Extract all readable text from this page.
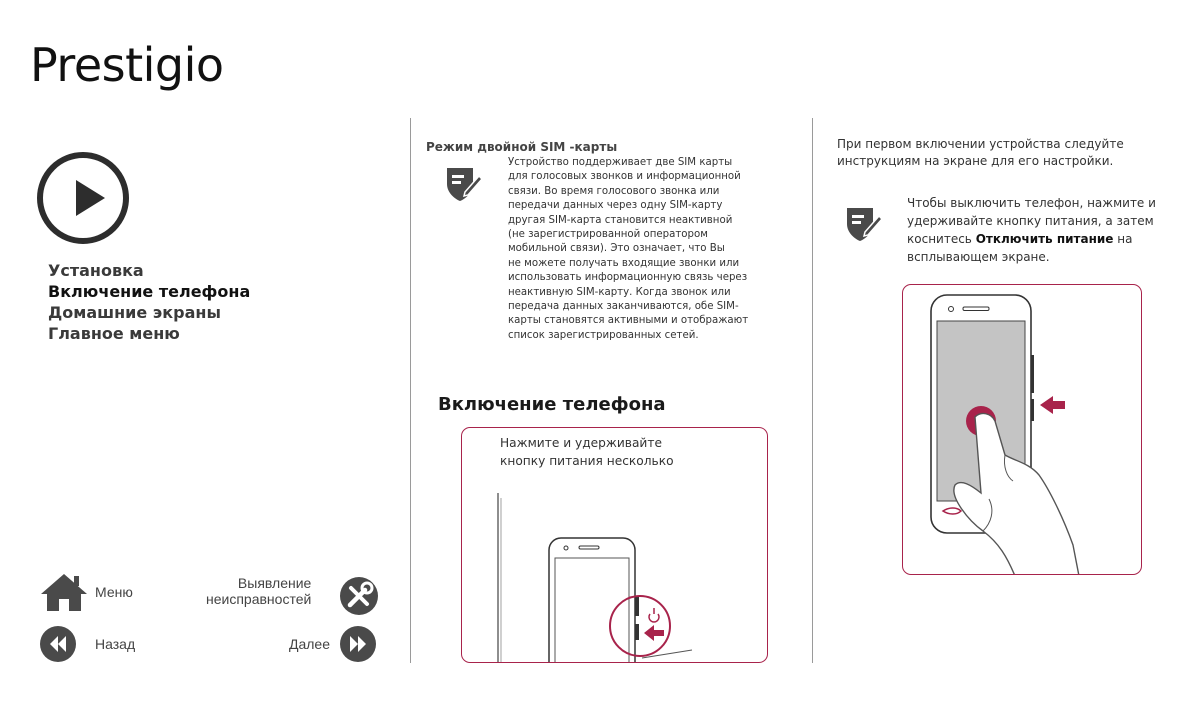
Prestigio
Установка
Включение телефона
Домашние экраны
Главное меню
Меню
Выявление
неисправностей
Назад	Далее
Режим двойной SIM -карты
Устройство поддерживает две SIM карты
для голосовых звонков и информационной
связи. Во время голосового звонка или
передачи данных через одну SIM-карту
другая SIM-карта становится неактивной
(не зарегистрированной оператором
мобильной связи). Это означает, что Вы
не можете получать входящие звонки или
использовать информационную связь через
неактивную SIM-карту. Когда звонок или
передача данных заканчиваются, обе SIM-
карты становятся активными и отображают
список зарегистрированных сетей.
Включение телефона
Нажмите и удерживайте
кнопку питания несколько
При первом включении устройства следуйте
инструкциям на экране для его настройки.
Чтобы выключить телефон, нажмите и
удерживайте кнопку питания, а затем
коснитесь Отключить питание на
всплывающем экране.
